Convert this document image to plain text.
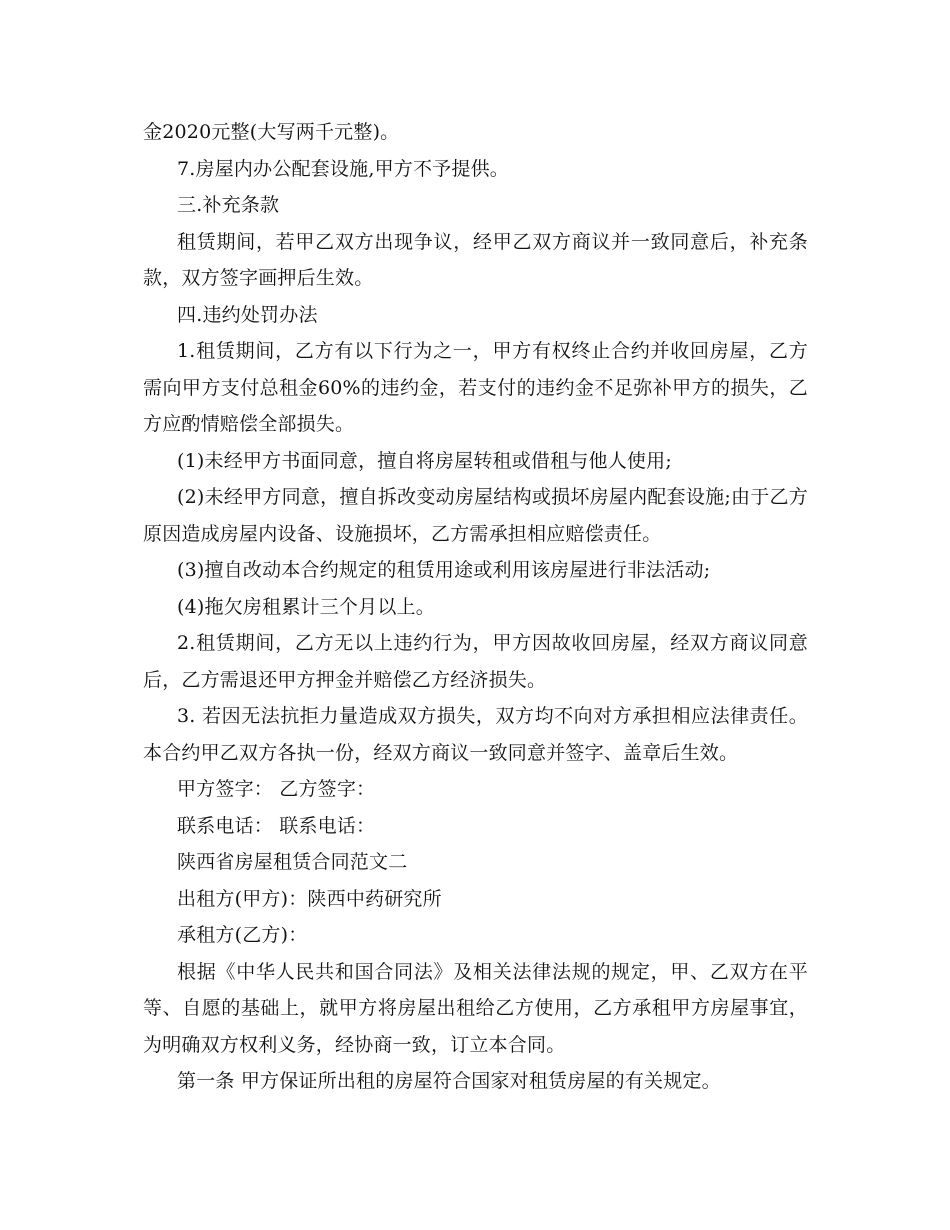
金2020元整(大写两千元整)。

7.房屋内办公配套设施,甲方不予提供。

三.补充条款

租赁期间，若甲乙双方出现争议，经甲乙双方商议并一致同意后，补充条款，双方签字画押后生效。

四.违约处罚办法

1.租赁期间，乙方有以下行为之一，甲方有权终止合约并收回房屋，乙方需向甲方支付总租金60%的违约金，若支付的违约金不足弥补甲方的损失，乙方应酌情赔偿全部损失。

(1)未经甲方书面同意，擅自将房屋转租或借租与他人使用;

(2)未经甲方同意，擅自拆改变动房屋结构或损坏房屋内配套设施;由于乙方原因造成房屋内设备、设施损坏，乙方需承担相应赔偿责任。

(3)擅自改动本合约规定的租赁用途或利用该房屋进行非法活动;

(4)拖欠房租累计三个月以上。

2.租赁期间，乙方无以上违约行为，甲方因故收回房屋，经双方商议同意后，乙方需退还甲方押金并赔偿乙方经济损失。

3. 若因无法抗拒力量造成双方损失，双方均不向对方承担相应法律责任。 本合约甲乙双方各执一份，经双方商议一致同意并签字、盖章后生效。

甲方签字： 乙方签字：

联系电话： 联系电话：

陕西省房屋租赁合同范文二

出租方(甲方)：陕西中药研究所

承租方(乙方)：

根据《中华人民共和国合同法》及相关法律法规的规定，甲、乙双方在平等、自愿的基础上，就甲方将房屋出租给乙方使用，乙方承租甲方房屋事宜，为明确双方权利义务，经协商一致，订立本合同。

第一条 甲方保证所出租的房屋符合国家对租赁房屋的有关规定。
